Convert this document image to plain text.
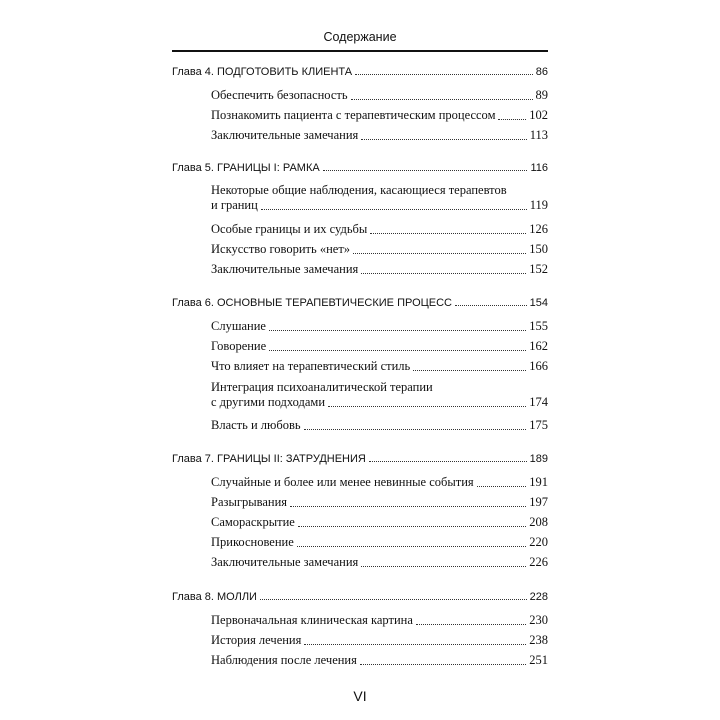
Содержание
Глава 4. ПОДГОТОВИТЬ КЛИЕНТА	86
Обеспечить безопасность	89
Познакомить пациента с терапевтическим процессом	102
Заключительные замечания	113
Глава 5. ГРАНИЦЫ I: РАМКА	116
Некоторые общие наблюдения, касающиеся терапевтов
и границ	119
Особые границы и их судьбы	126
Искусство говорить «нет»	150
Заключительные замечания	152
Глава 6. ОСНОВНЫЕ ТЕРАПЕВТИЧЕСКИЕ ПРОЦЕСС	154
Слушание	155
Говорение	162
Что влияет на терапевтический стиль	166
Интеграция психоаналитической терапии
с другими подходами	174
Власть и любовь	175
Глава 7. ГРАНИЦЫ II: ЗАТРУДНЕНИЯ	189
Случайные и более или менее невинные события	191
Разыгрывания	197
Самораскрытие	208
Прикосновение	220
Заключительные замечания	226
Глава 8. МОЛЛИ	228
Первоначальная клиническая картина	230
История лечения	238
Наблюдения после лечения	251
VI
